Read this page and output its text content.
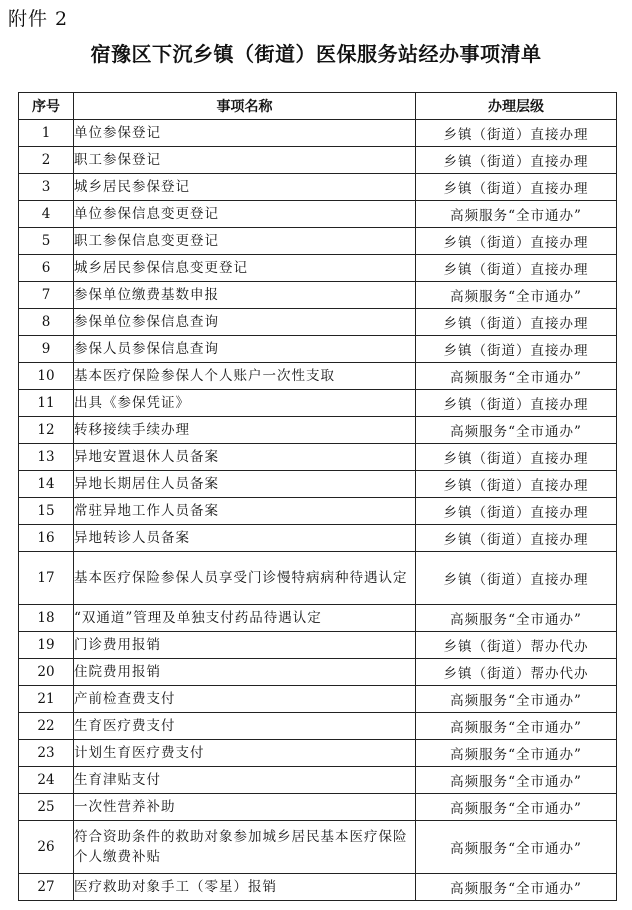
附件 2
宿豫区下沉乡镇（街道）医保服务站经办事项清单
序号	事项名称	办理层级
1	单位参保登记	乡镇（街道）直接办理
2	职工参保登记	乡镇（街道）直接办理
3	城乡居民参保登记	乡镇（街道）直接办理
4	单位参保信息变更登记	高频服务“全市通办”
5	职工参保信息变更登记	乡镇（街道）直接办理
6	城乡居民参保信息变更登记	乡镇（街道）直接办理
7	参保单位缴费基数申报	高频服务“全市通办”
8	参保单位参保信息查询	乡镇（街道）直接办理
9	参保人员参保信息查询	乡镇（街道）直接办理
10	基本医疗保险参保人个人账户一次性支取	高频服务“全市通办”
11	出具《参保凭证》	乡镇（街道）直接办理
12	转移接续手续办理	高频服务“全市通办”
13	异地安置退休人员备案	乡镇（街道）直接办理
14	异地长期居住人员备案	乡镇（街道）直接办理
15	常驻异地工作人员备案	乡镇（街道）直接办理
16	异地转诊人员备案	乡镇（街道）直接办理
17	基本医疗保险参保人员享受门诊慢特病病种待遇认定	乡镇（街道）直接办理
18	“双通道”管理及单独支付药品待遇认定	高频服务“全市通办”
19	门诊费用报销	乡镇（街道）帮办代办
20	住院费用报销	乡镇（街道）帮办代办
21	产前检查费支付	高频服务“全市通办”
22	生育医疗费支付	高频服务“全市通办”
23	计划生育医疗费支付	高频服务“全市通办”
24	生育津贴支付	高频服务“全市通办”
25	一次性营养补助	高频服务“全市通办”
26	符合资助条件的救助对象参加城乡居民基本医疗保险个人缴费补贴	高频服务“全市通办”
27	医疗救助对象手工（零星）报销	高频服务“全市通办”
